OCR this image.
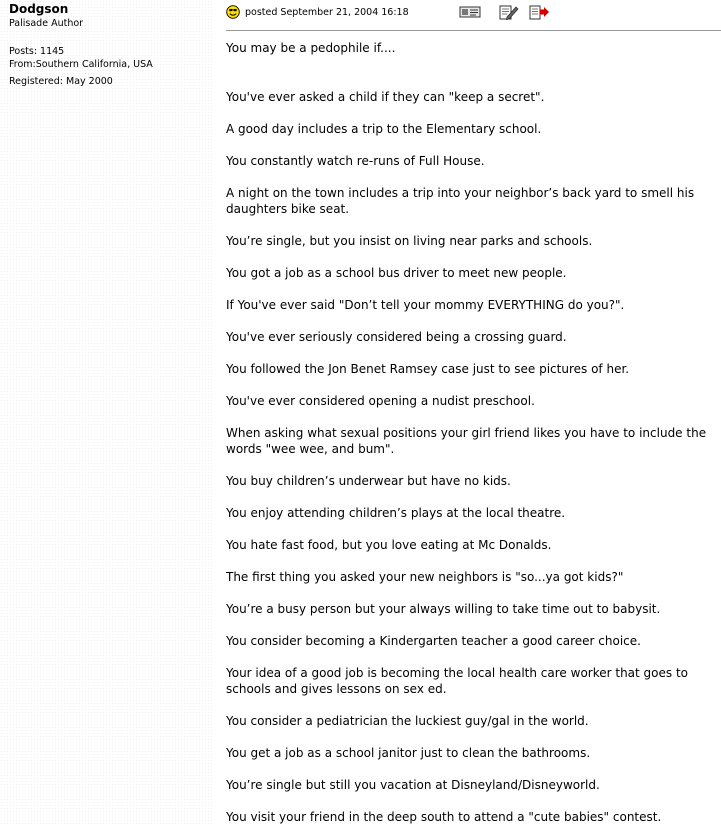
Dodgson
Palisade Author
Posts: 1145
From:Southern California, USA
Registered: May 2000
posted September 21, 2004 16:18
You may be a pedophile if....
You've ever asked a child if they can "keep a secret".
A good day includes a trip to the Elementary school.
You constantly watch re-runs of Full House.
A night on the town includes a trip into your neighbor’s back yard to smell his daughters bike seat.
You’re single, but you insist on living near parks and schools.
You got a job as a school bus driver to meet new people.
If You've ever said "Don’t tell your mommy EVERYTHING do you?".
You've ever seriously considered being a crossing guard.
You followed the Jon Benet Ramsey case just to see pictures of her.
You've ever considered opening a nudist preschool.
When asking what sexual positions your girl friend likes you have to include the words "wee wee, and bum".
You buy children’s underwear but have no kids.
You enjoy attending children’s plays at the local theatre.
You hate fast food, but you love eating at Mc Donalds.
The first thing you asked your new neighbors is "so...ya got kids?"
You’re a busy person but your always willing to take time out to babysit.
You consider becoming a Kindergarten teacher a good career choice.
Your idea of a good job is becoming the local health care worker that goes to schools and gives lessons on sex ed.
You consider a pediatrician the luckiest guy/gal in the world.
You get a job as a school janitor just to clean the bathrooms.
You’re single but still you vacation at Disneyland/Disneyworld.
You visit your friend in the deep south to attend a "cute babies" contest.
